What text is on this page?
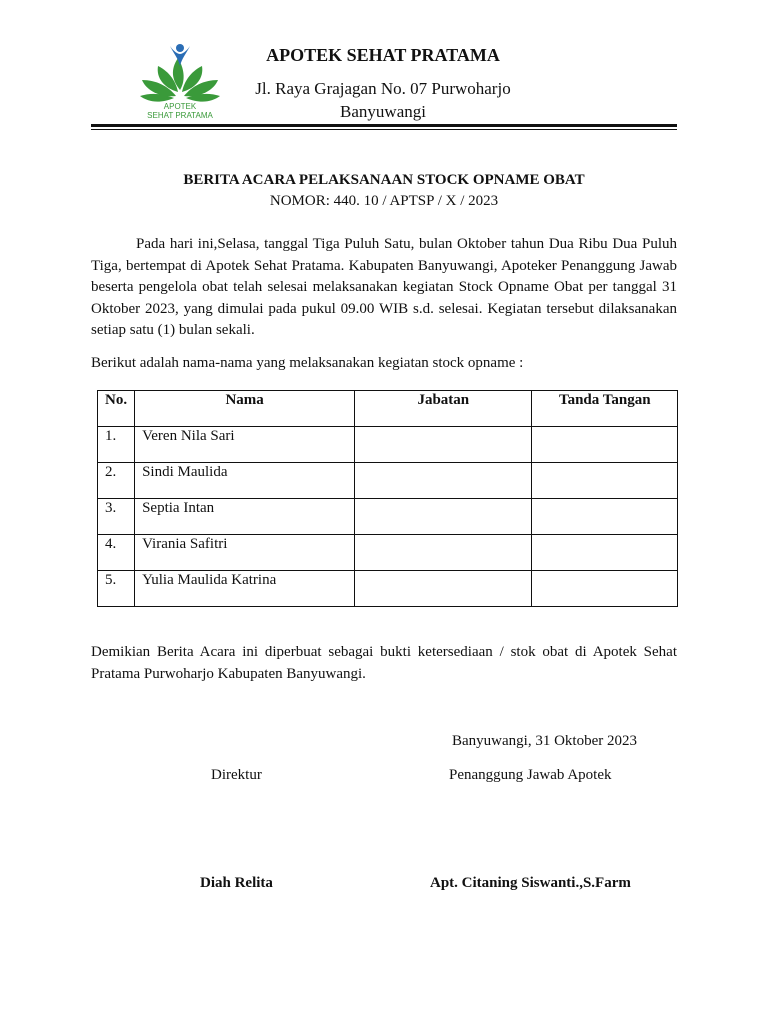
APOTEK
SEHAT PRATAMA
APOTEK SEHAT PRATAMA
Jl. Raya Grajagan No. 07 Purwoharjo
Banyuwangi
BERITA ACARA PELAKSANAAN STOCK OPNAME OBAT
NOMOR: 440. 10 / APTSP / X / 2023
Pada hari ini,Selasa, tanggal Tiga Puluh Satu, bulan Oktober tahun Dua Ribu Dua Puluh Tiga, bertempat di Apotek Sehat Pratama. Kabupaten Banyuwangi, Apoteker Penanggung Jawab beserta pengelola obat telah selesai melaksanakan kegiatan Stock Opname Obat per tanggal 31 Oktober 2023, yang dimulai pada pukul 09.00 WIB s.d. selesai. Kegiatan tersebut dilaksanakan setiap satu (1) bulan sekali.
Berikut adalah nama-nama yang melaksanakan kegiatan stock opname :
No.	Nama	Jabatan	Tanda Tangan
1.	Veren Nila Sari		
2.	Sindi Maulida		
3.	Septia Intan		
4.	Virania Safitri		
5.	Yulia Maulida Katrina		
Demikian Berita Acara ini diperbuat sebagai bukti ketersediaan / stok obat di Apotek Sehat Pratama Purwoharjo Kabupaten Banyuwangi.
Banyuwangi, 31 Oktober 2023
Direktur	Penanggung Jawab Apotek
Diah Relita	Apt. Citaning Siswanti.,S.Farm
